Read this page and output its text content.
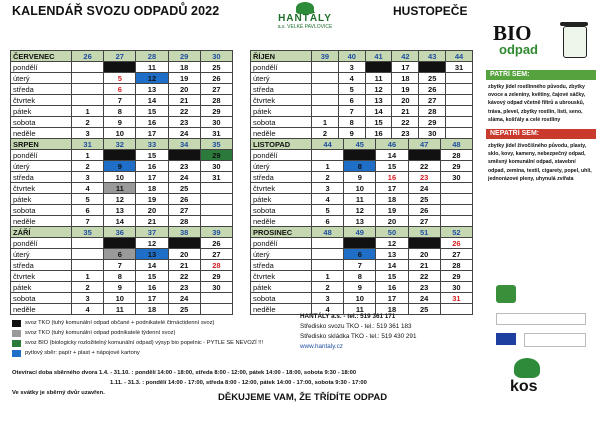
KALENDÁŘ SVOZU ODPADŮ 2022
HANTÁLY
a.s. VELKÉ PAVLOVICE
HUSTOPEČE
BIO
odpad
ČERVENEC	26	27	28	29	30
pondělí		4	11	18	25
úterý		5	12	19	26
středa		6	13	20	27
čtvrtek		7	14	21	28
pátek	1	8	15	22	29
sobota	2	9	16	23	30
neděle	3	10	17	24	31
ŘÍJEN	39	40	41	42	43	44
pondělí		3	10	17	24	31
úterý		4	11	18	25	
středa		5	12	19	26	
čtvrtek		6	13	20	27	
pátek		7	14	21	28	
sobota	1	8	15	22	29	
neděle	2	9	16	23	30	
SRPEN	31	32	33	34	35
pondělí	1	8	15	22	29
úterý	2	9	16	23	30
středa	3	10	17	24	31
čtvrtek	4	11	18	25	
pátek	5	12	19	26	
sobota	6	13	20	27	
neděle	7	14	21	28	
LISTOPAD	44	45	46	47	48
pondělí		7	14	21	28
úterý	1	8	15	22	29
středa	2	9	16	23	30
čtvrtek	3	10	17	24	
pátek	4	11	18	25	
sobota	5	12	19	26	
neděle	6	13	20	27	
ZÁŘÍ	35	36	37	38	39
pondělí		5	12	19	26
úterý		6	13	20	27
středa		7	14	21	28
čtvrtek	1	8	15	22	29
pátek	2	9	16	23	30
sobota	3	10	17	24	
neděle	4	11	18	25	
PROSINEC	48	49	50	51	52
pondělí		5	12	19	26
úterý		6	13	20	27
středa		7	14	21	28
čtvrtek	1	8	15	22	29
pátek	2	9	16	23	30
sobota	3	10	17	24	31
neděle	4	11	18	25	
PATŘÍ SEM:
zbytky jídel rostlinného původu, zbytky ovoce a zeleniny, květiny, čajové sáčky, kávový odpad včetně filtrů a ubrousků, tráva, plevel, zbytky rostlin, listí, seno, sláma, košťály a celé rostliny
NEPATŘÍ SEM:
zbytky jídel živočišného původu, plasty, sklo, kovy, kameny, nebezpečný odpad, směsný komunální odpad, stavební odpad, zemina, textil, cigarety, popel, uhlí, jednorázové pleny, uhynulá zvířata
svoz TKO (tuhý komunální odpad občané + podnikatelé čtrnáctidenní svoz)
svoz TKO (tuhý komunální odpad podnikatelé týdenní svoz)
svoz BIO (biologicky rozložitelný komunální odpad) výsyp bio popelnic - PYTLE SE NEVOZÍ !!!
pytlový sběr: papír + plast + nápojové kartony
HANTÁLY a.s. - tel.: 519 361 171
Středisko svozu TKO - tel.: 519 361 183
Středisko skládka TKO - tel.: 519 430 291
www.hantaly.cz
Otevírací doba sběrného dvora 1.4. - 31.10. : pondělí 14:00 - 18:00, středa 8:00 - 12:00, pátek 14:00 - 18:00, sobota 9:30 - 18:00
1.11. - 31.3. : pondělí 14:00 - 17:00, středa 8:00 - 12:00, pátek 14:00 - 17:00, sobota 9:30 - 17:00
Ve svátky je sběrný dvůr uzavřen.	DĚKUJEME VAM, ŽE TŘÍDÍTE ODPAD
kos
